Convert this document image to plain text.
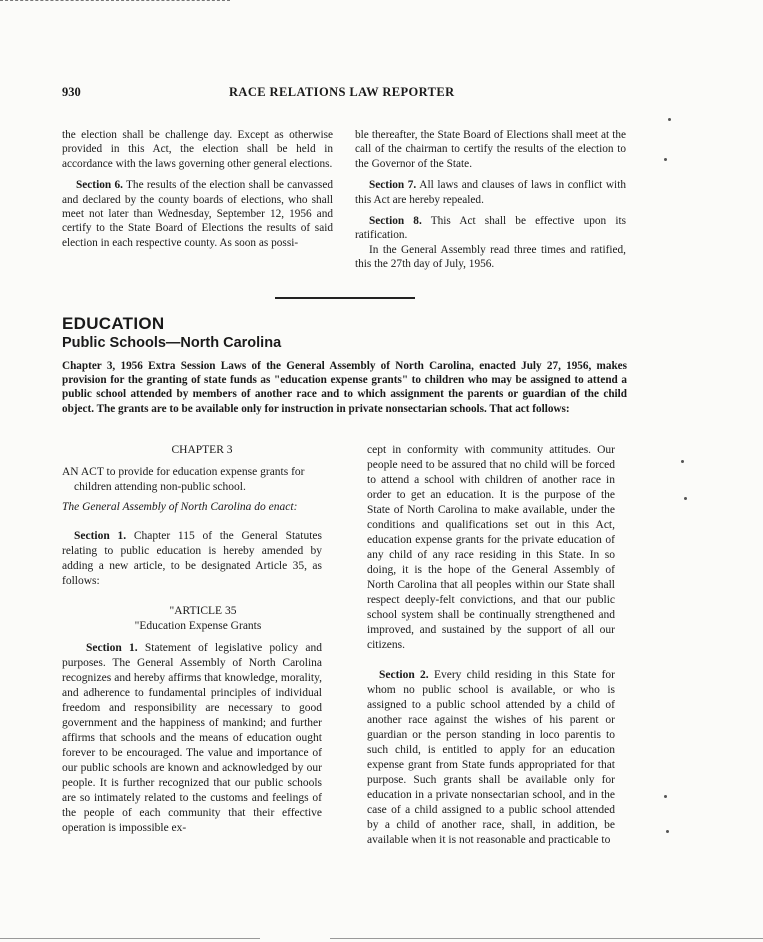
930	RACE RELATIONS LAW REPORTER

the election shall be challenge day. Except as otherwise provided in this Act, the election shall be held in accordance with the laws governing other general elections.

Section 6. The results of the election shall be canvassed and declared by the county boards of elections, who shall meet not later than Wednesday, September 12, 1956 and certify to the State Board of Elections the results of said election in each respective county. As soon as possi-

ble thereafter, the State Board of Elections shall meet at the call of the chairman to certify the results of the election to the Governor of the State.

Section 7. All laws and clauses of laws in conflict with this Act are hereby repealed.

Section 8. This Act shall be effective upon its ratification.

In the General Assembly read three times and ratified, this the 27th day of July, 1956.

EDUCATION
Public Schools—North Carolina
Chapter 3, 1956 Extra Session Laws of the General Assembly of North Carolina, enacted July 27, 1956, makes provision for the granting of state funds as "education expense grants" to children who may be assigned to attend a public school attended by members of another race and to which assignment the parents or guardian of the child object. The grants are to be available only for instruction in private nonsectarian schools. That act follows:

CHAPTER 3

AN ACT to provide for education expense grants for children attending non-public school.

The General Assembly of North Carolina do enact:

Section 1. Chapter 115 of the General Statutes relating to public education is hereby amended by adding a new article, to be designated Article 35, as follows:

"ARTICLE 35

"Education Expense Grants

Section 1. Statement of legislative policy and purposes. The General Assembly of North Carolina recognizes and hereby affirms that knowledge, morality, and adherence to fundamental principles of individual freedom and responsibility are necessary to good government and the happiness of mankind; and further affirms that schools and the means of education ought forever to be encouraged. The value and importance of our public schools are known and acknowledged by our people. It is further recognized that our public schools are so intimately related to the customs and feelings of the people of each community that their effective operation is impossible ex-

cept in conformity with community attitudes. Our people need to be assured that no child will be forced to attend a school with children of another race in order to get an education. It is the purpose of the State of North Carolina to make available, under the conditions and qualifications set out in this Act, education expense grants for the private education of any child of any race residing in this State. In so doing, it is the hope of the General Assembly of North Carolina that all peoples within our State shall respect deeply-felt convictions, and that our public school system shall be continually strengthened and improved, and sustained by the support of all our citizens.

Section 2. Every child residing in this State for whom no public school is available, or who is assigned to a public school attended by a child of another race against the wishes of his parent or guardian or the person standing in loco parentis to such child, is entitled to apply for an education expense grant from State funds appropriated for that purpose. Such grants shall be available only for education in a private nonsectarian school, and in the case of a child assigned to a public school attended by a child of another race, shall, in addition, be available when it is not reasonable and practicable to
